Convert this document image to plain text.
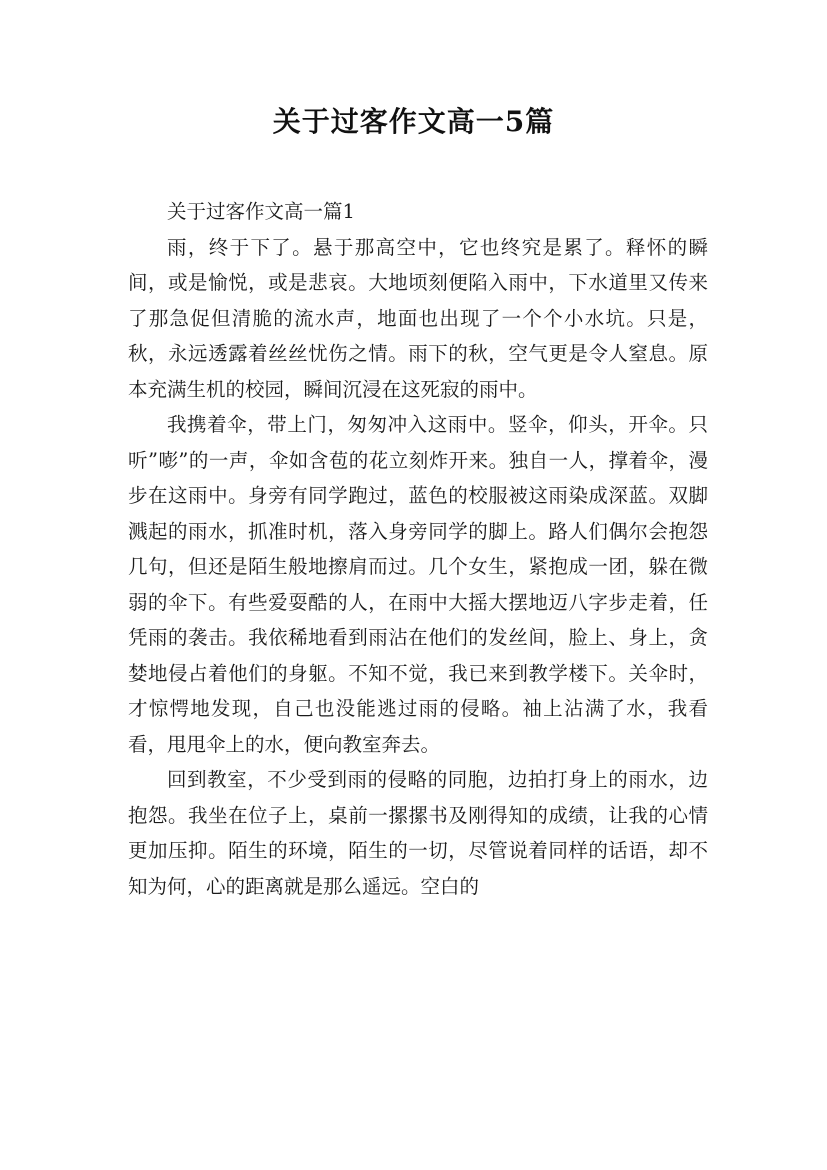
关于过客作文高一5篇

关于过客作文高一篇1

雨，终于下了。悬于那高空中，它也终究是累了。释怀的瞬间，或是愉悦，或是悲哀。大地顷刻便陷入雨中，下水道里又传来了那急促但清脆的流水声，地面也出现了一个个小水坑。只是，秋，永远透露着丝丝忧伤之情。雨下的秋，空气更是令人窒息。原本充满生机的校园，瞬间沉浸在这死寂的雨中。

我携着伞，带上门，匆匆冲入这雨中。竖伞，仰头，开伞。只听”嘭”的一声，伞如含苞的花立刻炸开来。独自一人，撑着伞，漫步在这雨中。身旁有同学跑过，蓝色的校服被这雨染成深蓝。双脚溅起的雨水，抓准时机，落入身旁同学的脚上。路人们偶尔会抱怨几句，但还是陌生般地擦肩而过。几个女生，紧抱成一团，躲在微弱的伞下。有些爱耍酷的人，在雨中大摇大摆地迈八字步走着，任凭雨的袭击。我依稀地看到雨沾在他们的发丝间，脸上、身上，贪婪地侵占着他们的身躯。不知不觉，我已来到教学楼下。关伞时，才惊愕地发现，自己也没能逃过雨的侵略。袖上沾满了水，我看看，甩甩伞上的水，便向教室奔去。

回到教室，不少受到雨的侵略的同胞，边拍打身上的雨水，边抱怨。我坐在位子上，桌前一摞摞书及刚得知的成绩，让我的心情更加压抑。陌生的环境，陌生的一切，尽管说着同样的话语，却不知为何，心的距离就是那么遥远。空白的
